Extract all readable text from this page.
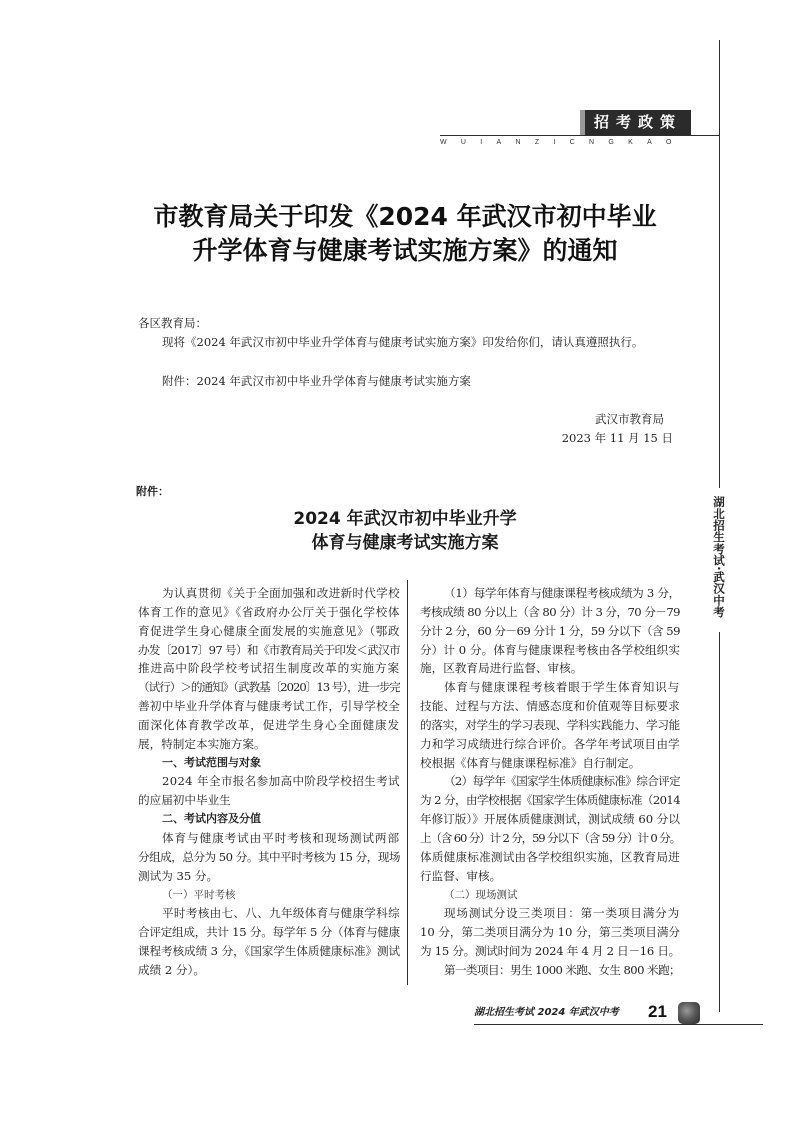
招考政策
WUIANZICNGKAO
市教育局关于印发《2024 年武汉市初中毕业
升学体育与健康考试实施方案》的通知
各区教育局：
现将《2024 年武汉市初中毕业升学体育与健康考试实施方案》印发给你们，请认真遵照执行。
附件：2024 年武汉市初中毕业升学体育与健康考试实施方案
武汉市教育局
2023 年 11 月 15 日
附件：
2024 年武汉市初中毕业升学
体育与健康考试实施方案
为认真贯彻《关于全面加强和改进新时代学校
体育工作的意见》《省政府办公厅关于强化学校体
育促进学生身心健康全面发展的实施意见》（鄂政
办发〔2017〕97 号）和《市教育局关于印发＜武汉市
推进高中阶段学校考试招生制度改革的实施方案
（试行）＞的通知》（武教基〔2020〕13 号），进一步完
善初中毕业升学体育与健康考试工作，引导学校全
面深化体育教学改革，促进学生身心全面健康发
展，特制定本实施方案。
一、考试范围与对象
2024 年全市报名参加高中阶段学校招生考试
的应届初中毕业生
二、考试内容及分值
体育与健康考试由平时考核和现场测试两部
分组成，总分为 50 分。其中平时考核为 15 分，现场
测试为 35 分。
（一）平时考核
平时考核由七、八、九年级体育与健康学科综
合评定组成，共计 15 分。每学年 5 分（体育与健康
课程考核成绩 3 分，《国家学生体质健康标准》测试
成绩 2 分）。
（1）每学年体育与健康课程考核成绩为 3 分，
考核成绩 80 分以上（含 80 分）计 3 分，70 分－79
分计 2 分，60 分－69 分计 1 分，59 分以下（含 59
分）计 0 分。体育与健康课程考核由各学校组织实
施，区教育局进行监督、审核。
体育与健康课程考核着眼于学生体育知识与
技能、过程与方法、情感态度和价值观等目标要求
的落实，对学生的学习表现、学科实践能力、学习能
力和学习成绩进行综合评价。各学年考试项目由学
校根据《体育与健康课程标准》自行制定。
（2）每学年《国家学生体质健康标准》综合评定
为 2 分，由学校根据《国家学生体质健康标准（2014
年修订版）》开展体质健康测试，测试成绩 60 分以
上（含 60 分）计 2 分，59 分以下（含 59 分）计 0 分。
体质健康标准测试由各学校组织实施，区教育局进
行监督、审核。
（二）现场测试
现场测试分设三类项目：第一类项目满分为
10 分，第二类项目满分为 10 分，第三类项目满分
为 15 分。测试时间为 2024 年 4 月 2 日－16 日。
第一类项目：男生 1000 米跑、女生 800 米跑；
湖北招生考试·武汉中考
湖北招生考试 2024 年武汉中考 21
